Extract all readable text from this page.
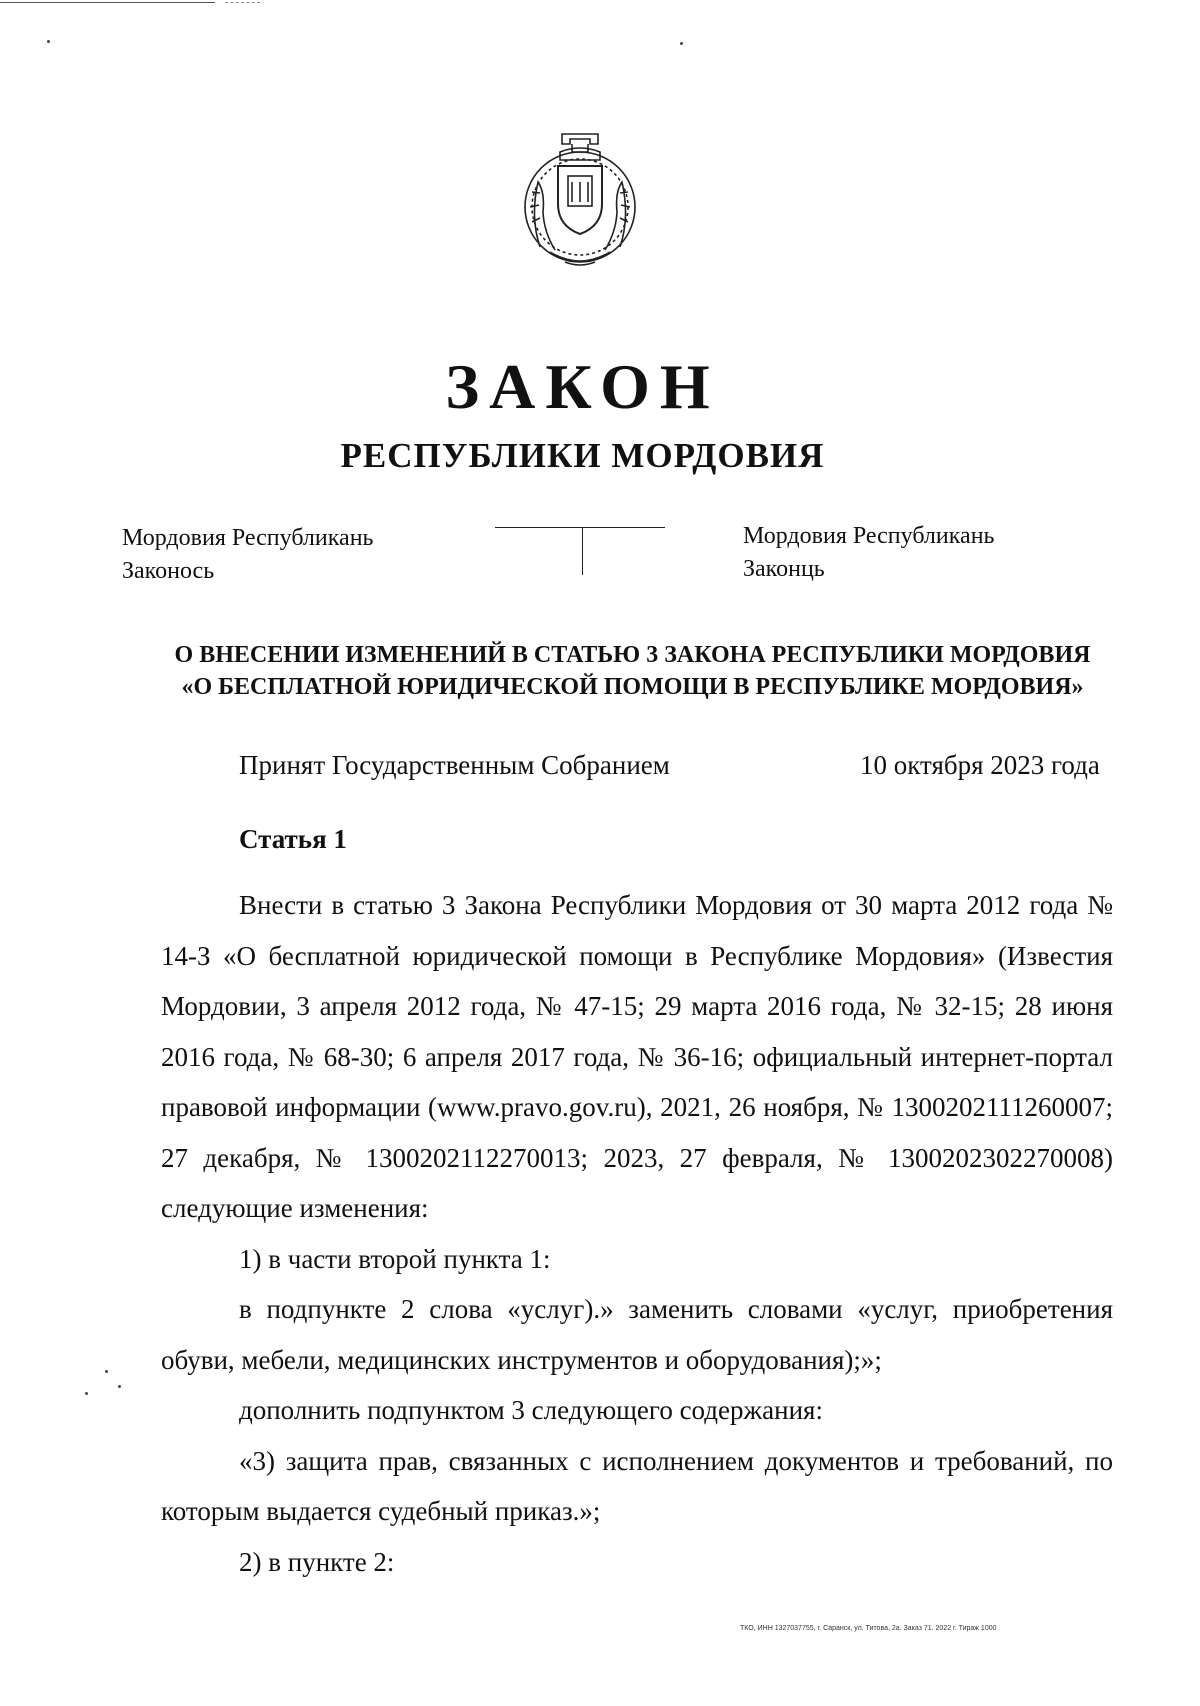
ЗАКОН
РЕСПУБЛИКИ МОРДОВИЯ
Мордовия Республикань
Законось
Мордовия Республикань
Законць
О ВНЕСЕНИИ ИЗМЕНЕНИЙ В СТАТЬЮ 3 ЗАКОНА РЕСПУБЛИКИ МОРДОВИЯ
«О БЕСПЛАТНОЙ ЮРИДИЧЕСКОЙ ПОМОЩИ В РЕСПУБЛИКЕ МОРДОВИЯ»
Принят Государственным Собранием	10 октября 2023 года
Статья 1

Внести в статью 3 Закона Республики Мордовия от 30 марта 2012 года № 14-З «О бесплатной юридической помощи в Республике Мордовия» (Известия Мордовии, 3 апреля 2012 года, № 47-15; 29 марта 2016 года, № 32-15; 28 июня 2016 года, № 68-30; 6 апреля 2017 года, № 36-16; официальный интернет-портал правовой информации (www.pravo.gov.ru), 2021, 26 ноября, № 1300202111260007; 27 декабря, № 1300202112270013; 2023, 27 февраля, № 1300202302270008) следующие изменения:

1) в части второй пункта 1:

в подпункте 2 слова «услуг).» заменить словами «услуг, приобретения обуви, мебели, медицинских инструментов и оборудования);»;

дополнить подпунктом 3 следующего содержания:

«3) защита прав, связанных с исполнением документов и требований, по которым выдается судебный приказ.»;

2) в пункте 2:

ТКО, ИНН 1327037755, г. Саранск, ул. Титова, 2а. Заказ 71. 2022 г. Тираж 1000
